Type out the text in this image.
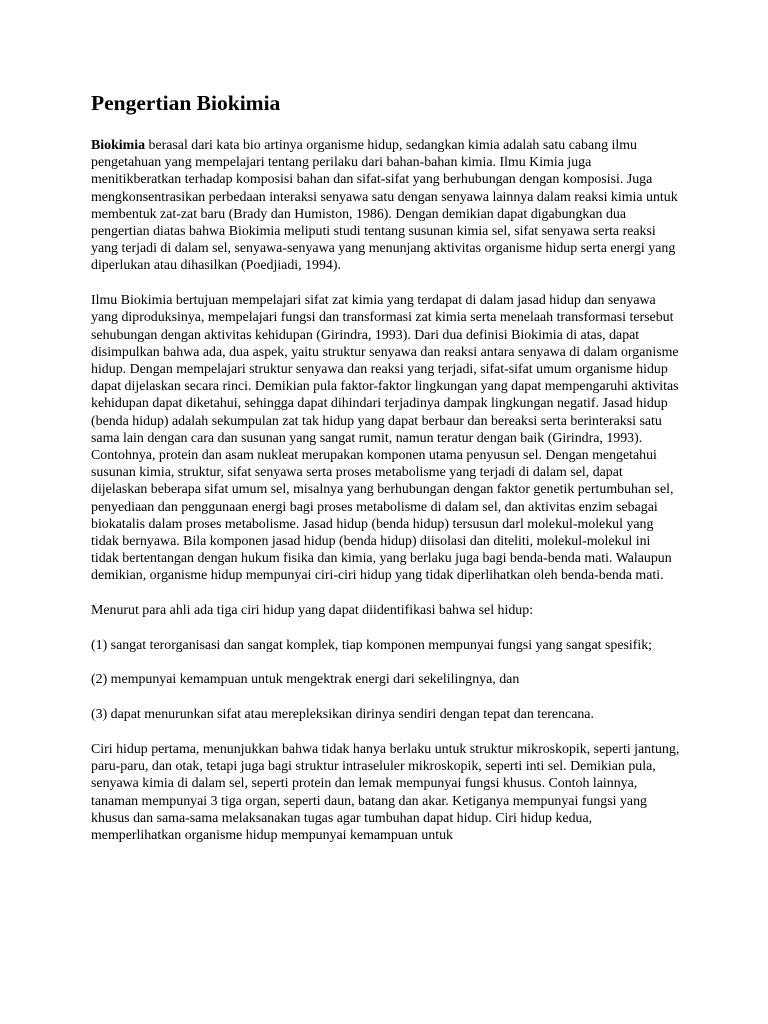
Pengertian Biokimia

Biokimia berasal dari kata bio artinya organisme hidup, sedangkan kimia adalah satu cabang ilmu pengetahuan yang mempelajari tentang perilaku dari bahan-bahan kimia. Ilmu Kimia juga menitikberatkan terhadap komposisi bahan dan sifat-sifat yang berhubungan dengan komposisi. Juga mengkonsentrasikan perbedaan interaksi senyawa satu dengan senyawa lainnya dalam reaksi kimia untuk membentuk zat-zat baru (Brady dan Humiston, 1986). Dengan demikian dapat digabungkan dua pengertian diatas bahwa Biokimia meliputi studi tentang susunan kimia sel, sifat senyawa serta reaksi yang terjadi di dalam sel, senyawa-senyawa yang menunjang aktivitas organisme hidup serta energi yang diperlukan atau dihasilkan (Poedjiadi, 1994).

Ilmu Biokimia bertujuan mempelajari sifat zat kimia yang terdapat di dalam jasad hidup dan senyawa yang diproduksinya, mempelajari fungsi dan transformasi zat kimia serta menelaah transformasi tersebut sehubungan dengan aktivitas kehidupan (Girindra, 1993). Dari dua definisi Biokimia di atas, dapat disimpulkan bahwa ada, dua aspek, yaitu struktur senyawa dan reaksi antara senyawa di dalam organisme hidup. Dengan mempelajari struktur senyawa dan reaksi yang terjadi, sifat-sifat umum organisme hidup dapat dijelaskan secara rinci. Demikian pula faktor-faktor lingkungan yang dapat mempengaruhi aktivitas kehidupan dapat diketahui, sehingga dapat dihindari terjadinya dampak lingkungan negatif. Jasad hidup (benda hidup) adalah sekumpulan zat tak hidup yang dapat berbaur dan bereaksi serta berinteraksi satu sama lain dengan cara dan susunan yang sangat rumit, namun teratur dengan baik (Girindra, 1993). Contohnya, protein dan asam nukleat merupakan komponen utama penyusun sel. Dengan mengetahui susunan kimia, struktur, sifat senyawa serta proses metabolisme yang terjadi di dalam sel, dapat dijelaskan beberapa sifat umum sel, misalnya yang berhubungan dengan faktor genetik pertumbuhan sel, penyediaan dan penggunaan energi bagi proses metabolisme di dalam sel, dan aktivitas enzim sebagai biokatalis dalam proses metabolisme. Jasad hidup (benda hidup) tersusun darl molekul-molekul yang tidak bernyawa. Bila komponen jasad hidup (benda hidup) diisolasi dan diteliti, molekul-molekul ini tidak bertentangan dengan hukum fisika dan kimia, yang berlaku juga bagi benda-benda mati. Walaupun demikian, organisme hidup mempunyai ciri-ciri hidup yang tidak diperlihatkan oleh benda-benda mati.

Menurut para ahli ada tiga ciri hidup yang dapat diidentifikasi bahwa sel hidup:

(1) sangat terorganisasi dan sangat komplek, tiap komponen mempunyai fungsi yang sangat spesifik;

(2) mempunyai kemampuan untuk mengektrak energi dari sekelilingnya, dan

(3) dapat menurunkan sifat atau merepleksikan dirinya sendiri dengan tepat dan terencana.

Ciri hidup pertama, menunjukkan bahwa tidak hanya berlaku untuk struktur mikroskopik, seperti jantung, paru-paru, dan otak, tetapi juga bagi struktur intraseluler mikroskopik, seperti inti sel. Demikian pula, senyawa kimia di dalam sel, seperti protein dan lemak mempunyai fungsi khusus. Contoh lainnya, tanaman mempunyai 3 tiga organ, seperti daun, batang dan akar. Ketiganya mempunyai fungsi yang khusus dan sama-sama melaksanakan tugas agar tumbuhan dapat hidup. Ciri hidup kedua, memperlihatkan organisme hidup mempunyai kemampuan untuk
